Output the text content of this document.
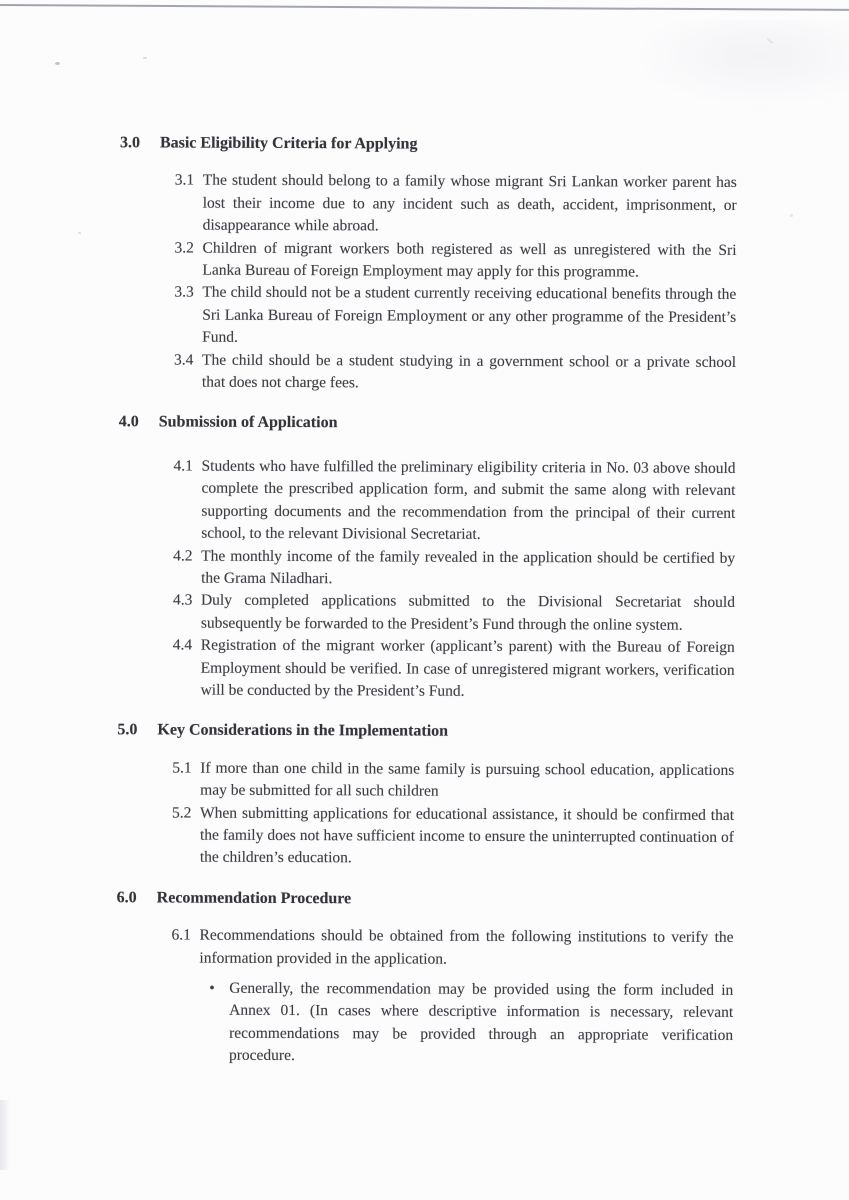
3.0	Basic Eligibility Criteria for Applying
3.1 The student should belong to a family whose migrant Sri Lankan worker parent has lost their income due to any incident such as death, accident, imprisonment, or disappearance while abroad.

3.2 Children of migrant workers both registered as well as unregistered with the Sri Lanka Bureau of Foreign Employment may apply for this programme.

3.3 The child should not be a student currently receiving educational benefits through the Sri Lanka Bureau of Foreign Employment or any other programme of the President’s Fund.

3.4 The child should be a student studying in a government school or a private school that does not charge fees.

4.0	Submission of Application
4.1 Students who have fulfilled the preliminary eligibility criteria in No. 03 above should complete the prescribed application form, and submit the same along with relevant supporting documents and the recommendation from the principal of their current school, to the relevant Divisional Secretariat.

4.2 The monthly income of the family revealed in the application should be certified by the Grama Niladhari.

4.3 Duly completed applications submitted to the Divisional Secretariat should subsequently be forwarded to the President’s Fund through the online system.

4.4 Registration of the migrant worker (applicant’s parent) with the Bureau of Foreign Employment should be verified. In case of unregistered migrant workers, verification will be conducted by the President’s Fund.

5.0	Key Considerations in the Implementation
5.1 If more than one child in the same family is pursuing school education, applications may be submitted for all such children

5.2 When submitting applications for educational assistance, it should be confirmed that the family does not have sufficient income to ensure the uninterrupted continuation of the children’s education.

6.0	Recommendation Procedure
6.1 Recommendations should be obtained from the following institutions to verify the information provided in the application.

• Generally, the recommendation may be provided using the form included in Annex 01. (In cases where descriptive information is necessary, relevant recommendations may be provided through an appropriate verification procedure.
